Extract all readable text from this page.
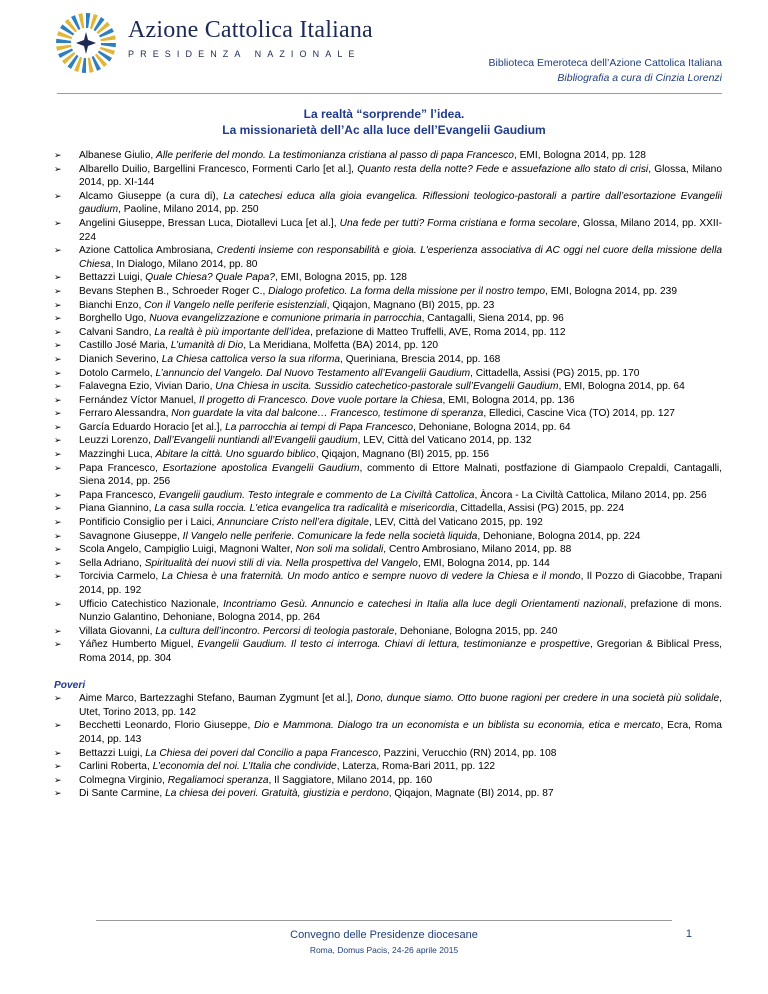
Azione Cattolica Italiana
PRESIDENZA NAZIONALE
Biblioteca Emeroteca dell’Azione Cattolica Italiana
Bibliografia a cura di Cinzia Lorenzi
La realtà “sorprende” l’idea.
La missionarietà dell’Ac alla luce dell’Evangelii Gaudium
➢ Albanese Giulio, Alle periferie del mondo. La testimonianza cristiana al passo di papa Francesco, EMI, Bologna 2014, pp. 128
➢ Albarello Duilio, Bargellini Francesco, Formenti Carlo [et al.], Quanto resta della notte? Fede e assuefazione allo stato di crisi, Glossa, Milano 2014, pp. XI-144
➢ Alcamo Giuseppe (a cura di), La catechesi educa alla gioia evangelica. Riflessioni teologico-pastorali a partire dall’esortazione Evangelii gaudium, Paoline, Milano 2014, pp. 250
➢ Angelini Giuseppe, Bressan Luca, Diotallevi Luca [et al.], Una fede per tutti? Forma cristiana e forma secolare, Glossa, Milano 2014, pp. XXII-224
➢ Azione Cattolica Ambrosiana, Credenti insieme con responsabilità e gioia. L'esperienza associativa di AC oggi nel cuore della missione della Chiesa, In Dialogo, Milano 2014, pp. 80
➢ Bettazzi Luigi, Quale Chiesa? Quale Papa?, EMI, Bologna 2015, pp. 128
➢ Bevans Stephen B., Schroeder Roger C., Dialogo profetico. La forma della missione per il nostro tempo, EMI, Bologna 2014, pp. 239
➢ Bianchi Enzo, Con il Vangelo nelle periferie esistenziali, Qiqajon, Magnano (BI) 2015, pp. 23
➢ Borghello Ugo, Nuova evangelizzazione e comunione primaria in parrocchia, Cantagalli, Siena 2014, pp. 96
➢ Calvani Sandro, La realtà è più importante dell’idea, prefazione di Matteo Truffelli, AVE, Roma 2014, pp. 112
➢ Castillo José Maria, L’umanità di Dio, La Meridiana, Molfetta (BA) 2014, pp. 120
➢ Dianich Severino, La Chiesa cattolica verso la sua riforma, Queriniana, Brescia 2014, pp. 168
➢ Dotolo Carmelo, L’annuncio del Vangelo. Dal Nuovo Testamento all’Evangelii Gaudium, Cittadella, Assisi (PG) 2015, pp. 170
➢ Falavegna Ezio, Vivian Dario, Una Chiesa in uscita. Sussidio catechetico-pastorale sull’Evangelii Gaudium, EMI, Bologna 2014, pp. 64
➢ Fernández Víctor Manuel, Il progetto di Francesco. Dove vuole portare la Chiesa, EMI, Bologna 2014, pp. 136
➢ Ferraro Alessandra, Non guardate la vita dal balcone… Francesco, testimone di speranza, Elledici, Cascine Vica (TO) 2014, pp. 127
➢ García Eduardo Horacio [et al.], La parrocchia ai tempi di Papa Francesco, Dehoniane, Bologna 2014, pp. 64
➢ Leuzzi Lorenzo, Dall’Evangelii nuntiandi all’Evangelii gaudium, LEV, Città del Vaticano 2014, pp. 132
➢ Mazzinghi Luca, Abitare la città. Uno sguardo biblico, Qiqajon, Magnano (BI) 2015, pp. 156
➢ Papa Francesco, Esortazione apostolica Evangelii Gaudium, commento di Ettore Malnati, postfazione di Giampaolo Crepaldi, Cantagalli, Siena 2014, pp. 256
➢ Papa Francesco, Evangelii gaudium. Testo integrale e commento de La Civiltà Cattolica, Àncora - La Civiltà Cattolica, Milano 2014, pp. 256
➢ Piana Giannino, La casa sulla roccia. L'etica evangelica tra radicalità e misericordia, Cittadella, Assisi (PG) 2015, pp. 224
➢ Pontificio Consiglio per i Laici, Annunciare Cristo nell’era digitale, LEV, Città del Vaticano 2015, pp. 192
➢ Savagnone Giuseppe, Il Vangelo nelle periferie. Comunicare la fede nella società liquida, Dehoniane, Bologna 2014, pp. 224
➢ Scola Angelo, Campiglio Luigi, Magnoni Walter, Non soli ma solidali, Centro Ambrosiano, Milano 2014, pp. 88
➢ Sella Adriano, Spiritualità dei nuovi stili di via. Nella prospettiva del Vangelo, EMI, Bologna 2014, pp. 144
➢ Torcivia Carmelo, La Chiesa è una fraternità. Un modo antico e sempre nuovo di vedere la Chiesa e il mondo, Il Pozzo di Giacobbe, Trapani 2014, pp. 192
➢ Ufficio Catechistico Nazionale, Incontriamo Gesù. Annuncio e catechesi in Italia alla luce degli Orientamenti nazionali, prefazione di mons. Nunzio Galantino, Dehoniane, Bologna 2014, pp. 264
➢ Villata Giovanni, La cultura dell’incontro. Percorsi di teologia pastorale, Dehoniane, Bologna 2015, pp. 240
➢ Yáñez Humberto Miguel, Evangelii Gaudium. Il testo ci interroga. Chiavi di lettura, testimonianze e prospettive, Gregorian & Biblical Press, Roma 2014, pp. 304
Poveri
➢ Aime Marco, Bartezzaghi Stefano, Bauman Zygmunt [et al.], Dono, dunque siamo. Otto buone ragioni per credere in una società più solidale, Utet, Torino 2013, pp. 142
➢ Becchetti Leonardo, Florio Giuseppe, Dio e Mammona. Dialogo tra un economista e un biblista su economia, etica e mercato, Ecra, Roma 2014, pp. 143
➢ Bettazzi Luigi, La Chiesa dei poveri dal Concilio a papa Francesco, Pazzini, Verucchio (RN) 2014, pp. 108
➢ Carlini Roberta, L’economia del noi. L’Italia che condivide, Laterza, Roma-Bari 2011, pp. 122
➢ Colmegna Virginio, Regaliamoci speranza, Il Saggiatore, Milano 2014, pp. 160
➢ Di Sante Carmine, La chiesa dei poveri. Gratuità, giustizia e perdono, Qiqajon, Magnate (BI) 2014, pp. 87
Convegno delle Presidenze diocesane
Roma, Domus Pacis, 24-26 aprile 2015
1
